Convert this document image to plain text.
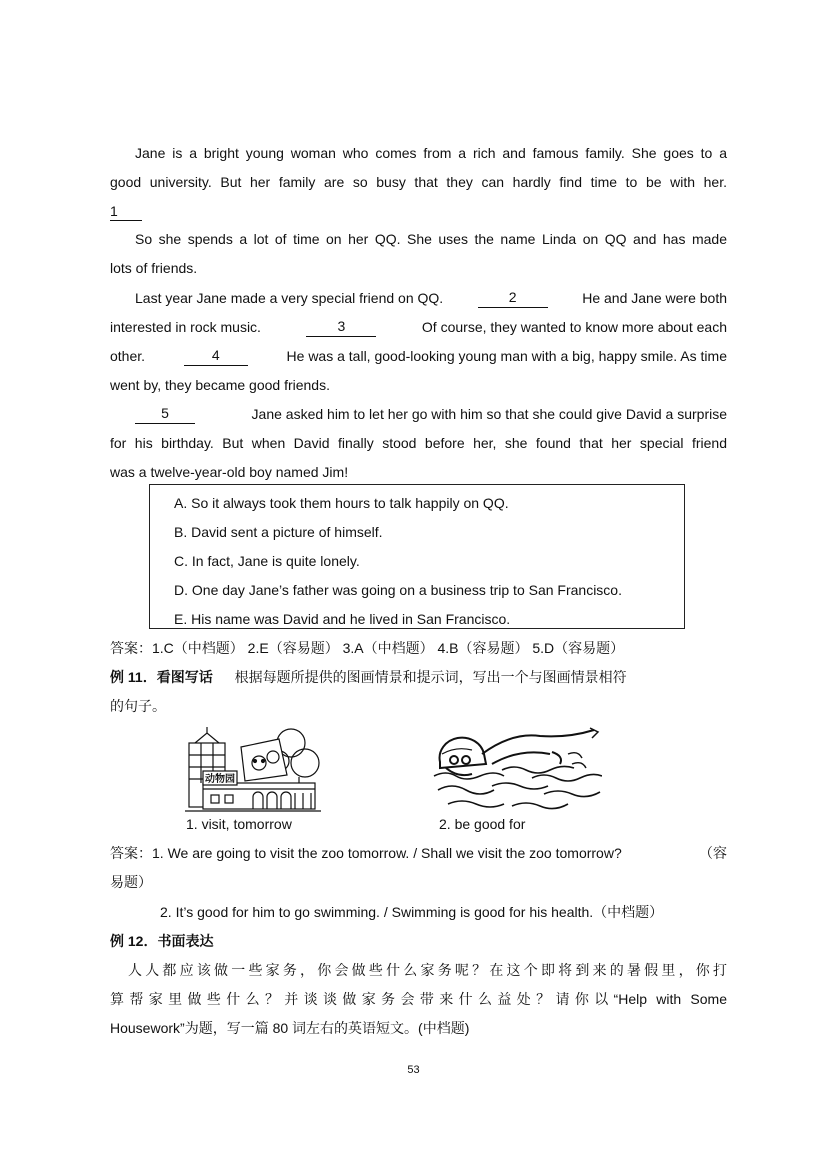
Jane is a bright young woman who comes from a rich and famous family. She goes to a
good university. But her family are so busy that they can hardly find time to be with her.
1
So she spends a lot of time on her QQ. She uses the name Linda on QQ and has made
lots of friends.
Last year Jane made a very special friend on QQ.	2	He and Jane were both
interested in rock music.	3	Of course, they wanted to know more about each
other.	4	He was a tall, good-looking young man with a big, happy smile. As time
went by, they became good friends.
5	Jane asked him to let her go with him so that she could give David a surprise
for his birthday. But when David finally stood before her, she found that her special friend
was a twelve-year-old boy named Jim!
A. So it always took them hours to talk happily on QQ.
B. David sent a picture of himself.
C. In fact, Jane is quite lonely.
D. One day Jane’s father was going on a business trip to San Francisco.
E. His name was David and he lived in San Francisco.
答案：1.C（中档题） 2.E（容易题） 3.A（中档题） 4.B（容易题） 5.D（容易题）
例 11．看图写话 根据每题所提供的图画情景和提示词，写出一个与图画情景相符
的句子。
动物园
1. visit, tomorrow	2. be good for
答案：1. We are going to visit the zoo tomorrow. / Shall we visit the zoo tomorrow?	（容
易题）
2. It’s good for him to go swimming. / Swimming is good for his health.（中档题）
例 12．书面表达
人人都应该做一些家务，你会做些什么家务呢？在这个即将到来的暑假里，你打
算帮家里做些什么？并谈谈做家务会带来什么益处？请你以“Help with Some
Housework”为题，写一篇 80 词左右的英语短文。(中档题)
53
